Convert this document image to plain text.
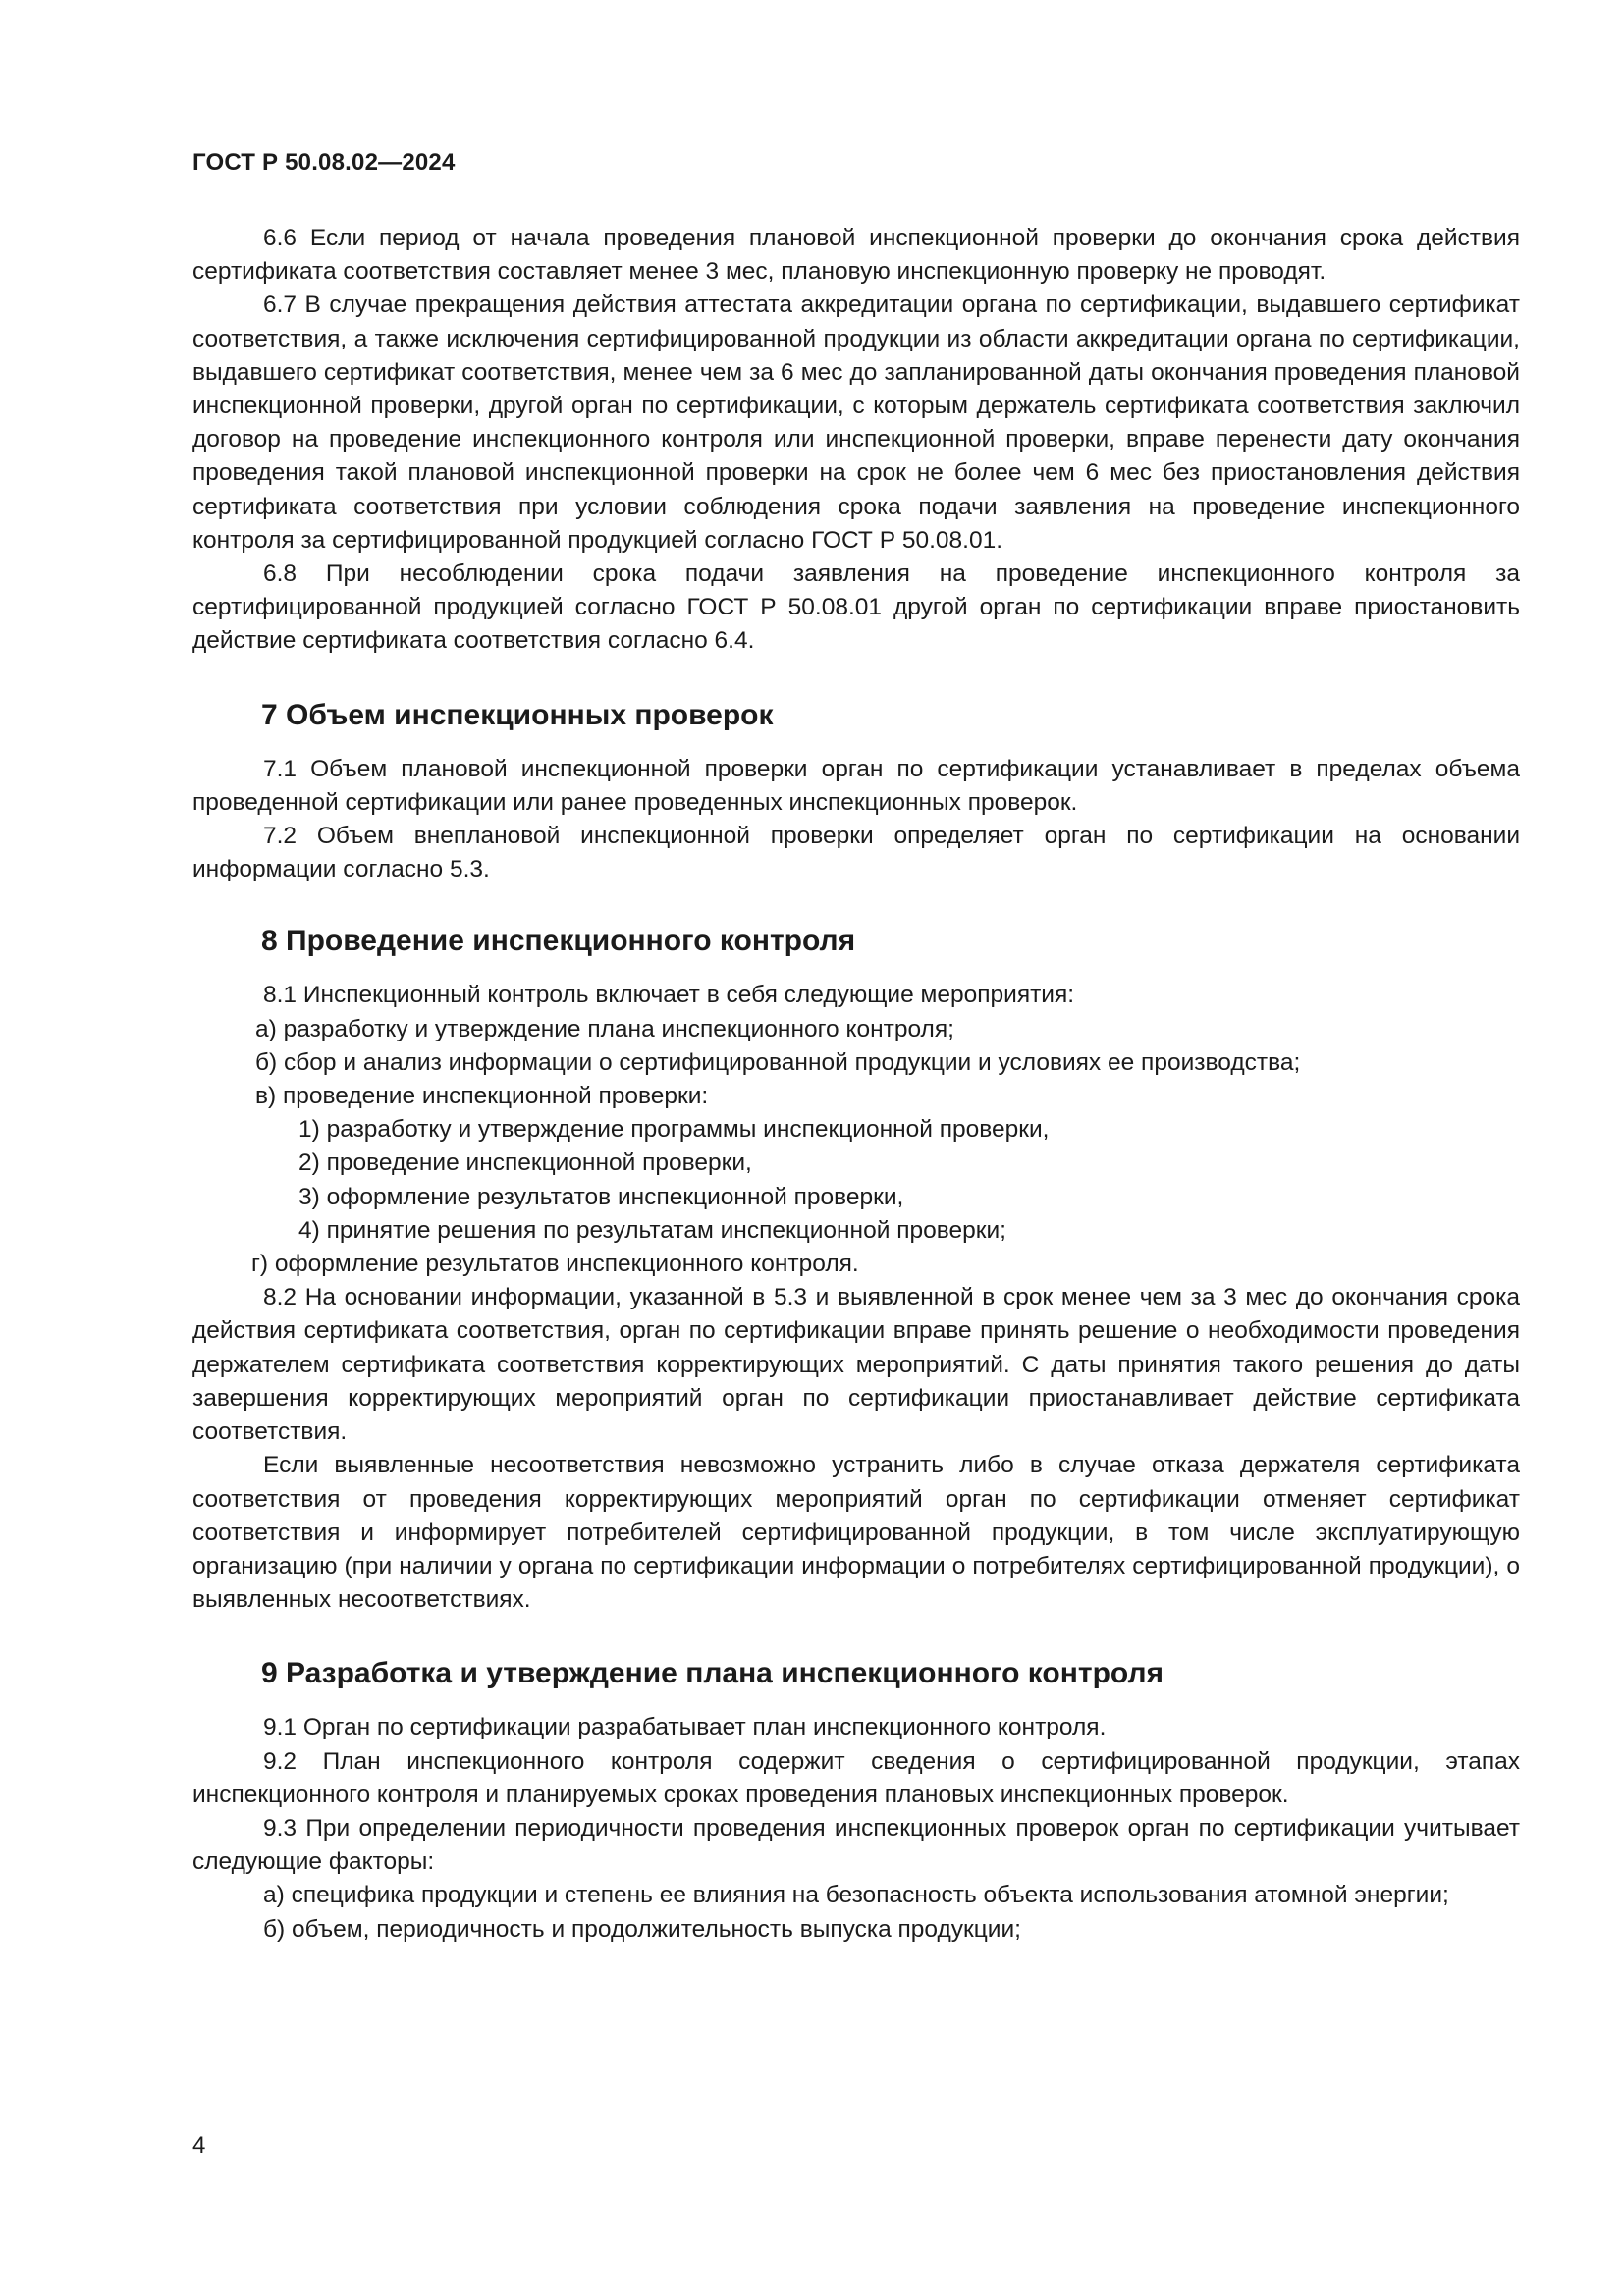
ГОСТ Р 50.08.02—2024

6.6 Если период от начала проведения плановой инспекционной проверки до окончания срока действия сертификата соответствия составляет менее 3 мес, плановую инспекционную проверку не проводят.

6.7 В случае прекращения действия аттестата аккредитации органа по сертификации, выдавшего сертификат соответствия, а также исключения сертифицированной продукции из области аккредитации органа по сертификации, выдавшего сертификат соответствия, менее чем за 6 мес до запланированной даты окончания проведения плановой инспекционной проверки, другой орган по сертификации, с которым держатель сертификата соответствия заключил договор на проведение инспекционного контроля или инспекционной проверки, вправе перенести дату окончания проведения такой плановой инспекционной проверки на срок не более чем 6 мес без приостановления действия сертификата соответствия при условии соблюдения срока подачи заявления на проведение инспекционного контроля за сертифицированной продукцией согласно ГОСТ Р 50.08.01.

6.8 При несоблюдении срока подачи заявления на проведение инспекционного контроля за сертифицированной продукцией согласно ГОСТ Р 50.08.01 другой орган по сертификации вправе приостановить действие сертификата соответствия согласно 6.4.

7 Объем инспекционных проверок

7.1 Объем плановой инспекционной проверки орган по сертификации устанавливает в пределах объема проведенной сертификации или ранее проведенных инспекционных проверок.

7.2 Объем внеплановой инспекционной проверки определяет орган по сертификации на основании информации согласно 5.3.

8 Проведение инспекционного контроля

8.1 Инспекционный контроль включает в себя следующие мероприятия:

а) разработку и утверждение плана инспекционного контроля;

б) сбор и анализ информации о сертифицированной продукции и условиях ее производства;

в) проведение инспекционной проверки:

1) разработку и утверждение программы инспекционной проверки,

2) проведение инспекционной проверки,

3) оформление результатов инспекционной проверки,

4) принятие решения по результатам инспекционной проверки;

г) оформление результатов инспекционного контроля.

8.2 На основании информации, указанной в 5.3 и выявленной в срок менее чем за 3 мес до окончания срока действия сертификата соответствия, орган по сертификации вправе принять решение о необходимости проведения держателем сертификата соответствия корректирующих мероприятий. С даты принятия такого решения до даты завершения корректирующих мероприятий орган по сертификации приостанавливает действие сертификата соответствия.

Если выявленные несоответствия невозможно устранить либо в случае отказа держателя сертификата соответствия от проведения корректирующих мероприятий орган по сертификации отменяет сертификат соответствия и информирует потребителей сертифицированной продукции, в том числе эксплуатирующую организацию (при наличии у органа по сертификации информации о потребителях сертифицированной продукции), о выявленных несоответствиях.

9 Разработка и утверждение плана инспекционного контроля

9.1 Орган по сертификации разрабатывает план инспекционного контроля.

9.2 План инспекционного контроля содержит сведения о сертифицированной продукции, этапах инспекционного контроля и планируемых сроках проведения плановых инспекционных проверок.

9.3 При определении периодичности проведения инспекционных проверок орган по сертификации учитывает следующие факторы:

а) специфика продукции и степень ее влияния на безопасность объекта использования атомной энергии;

б) объем, периодичность и продолжительность выпуска продукции;

4
